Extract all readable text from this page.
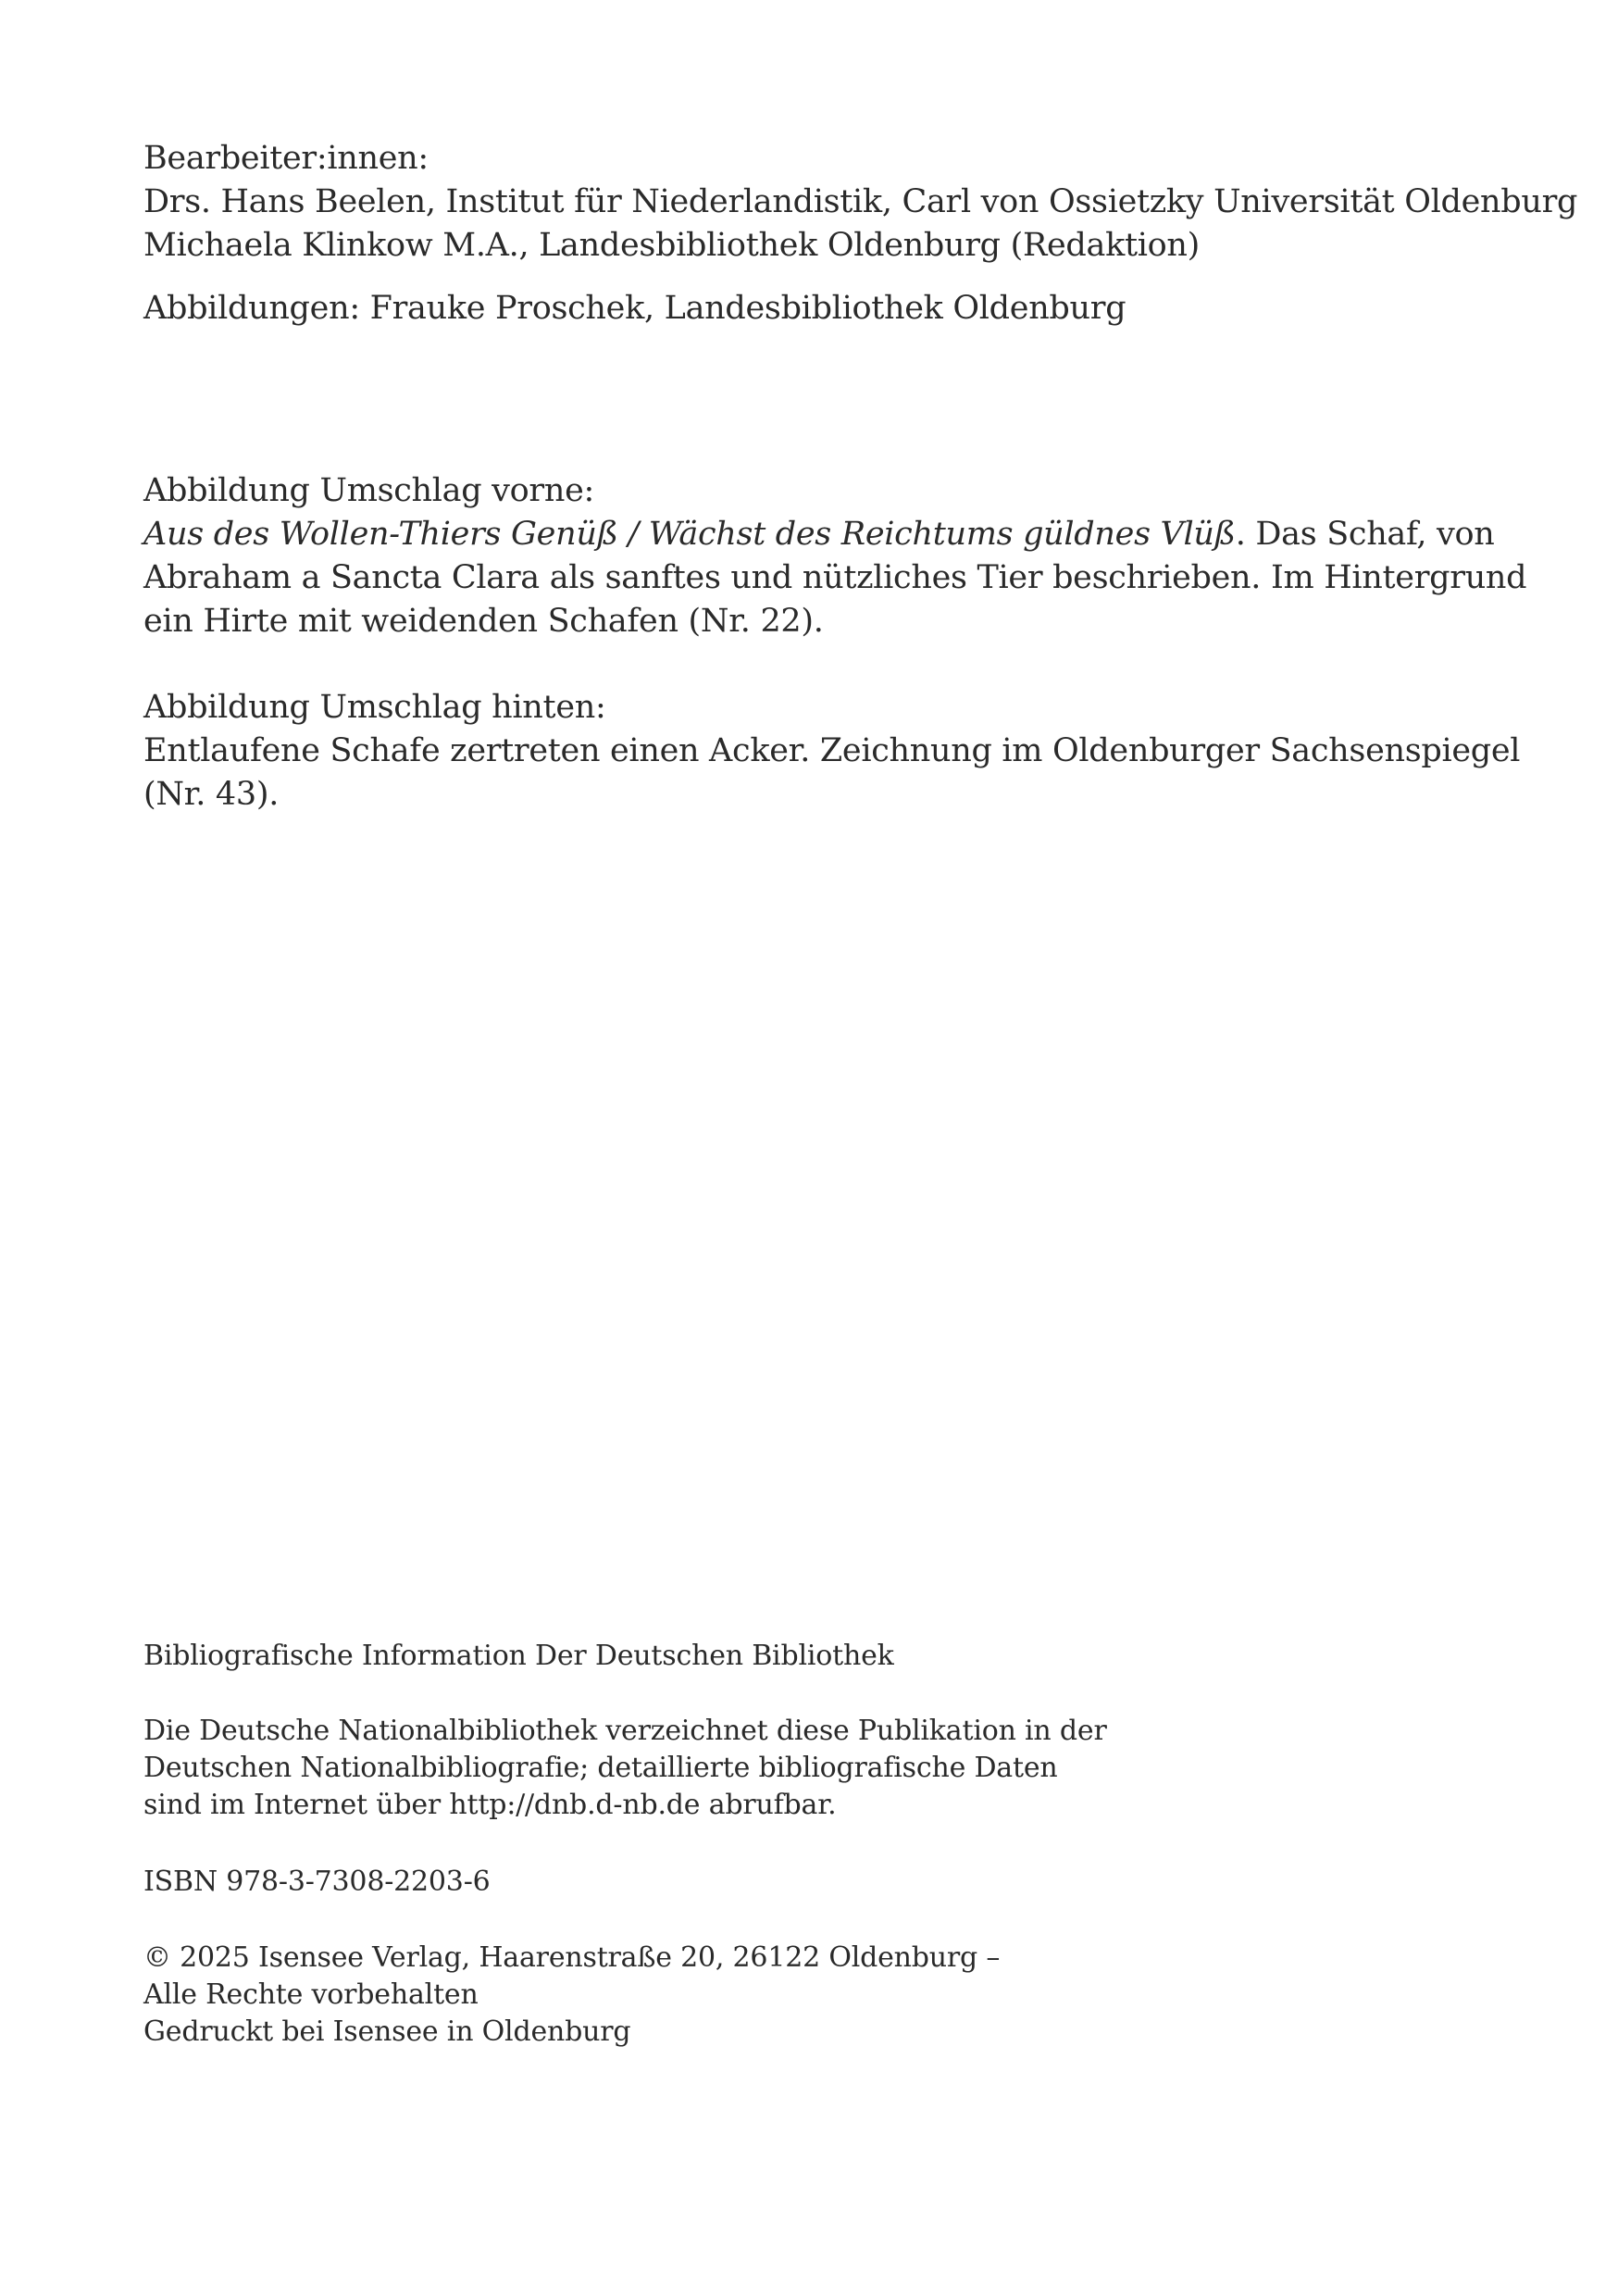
Bearbeiter:innen:
Drs. Hans Beelen, Institut für Niederlandistik, Carl von Ossietzky Universität Oldenburg
Michaela Klinkow M.A., Landesbibliothek Oldenburg (Redaktion)
Abbildungen: Frauke Proschek, Landesbibliothek Oldenburg
Abbildung Umschlag vorne:
Aus des Wollen-Thiers Genüß / Wächst des Reichtums güldnes Vlüß. Das Schaf, von
Abraham a Sancta Clara als sanftes und nützliches Tier beschrieben. Im Hintergrund
ein Hirte mit weidenden Schafen (Nr. 22).
Abbildung Umschlag hinten:
Entlaufene Schafe zertreten einen Acker. Zeichnung im Oldenburger Sachsenspiegel
(Nr. 43).
Bibliografische Information Der Deutschen Bibliothek
Die Deutsche Nationalbibliothek verzeichnet diese Publikation in der
Deutschen Nationalbibliografie; detaillierte bibliografische Daten
sind im Internet über http://dnb.d-nb.de abrufbar.
ISBN 978-3-7308-2203-6
© 2025 Isensee Verlag, Haarenstraße 20, 26122 Oldenburg –
Alle Rechte vorbehalten
Gedruckt bei Isensee in Oldenburg
